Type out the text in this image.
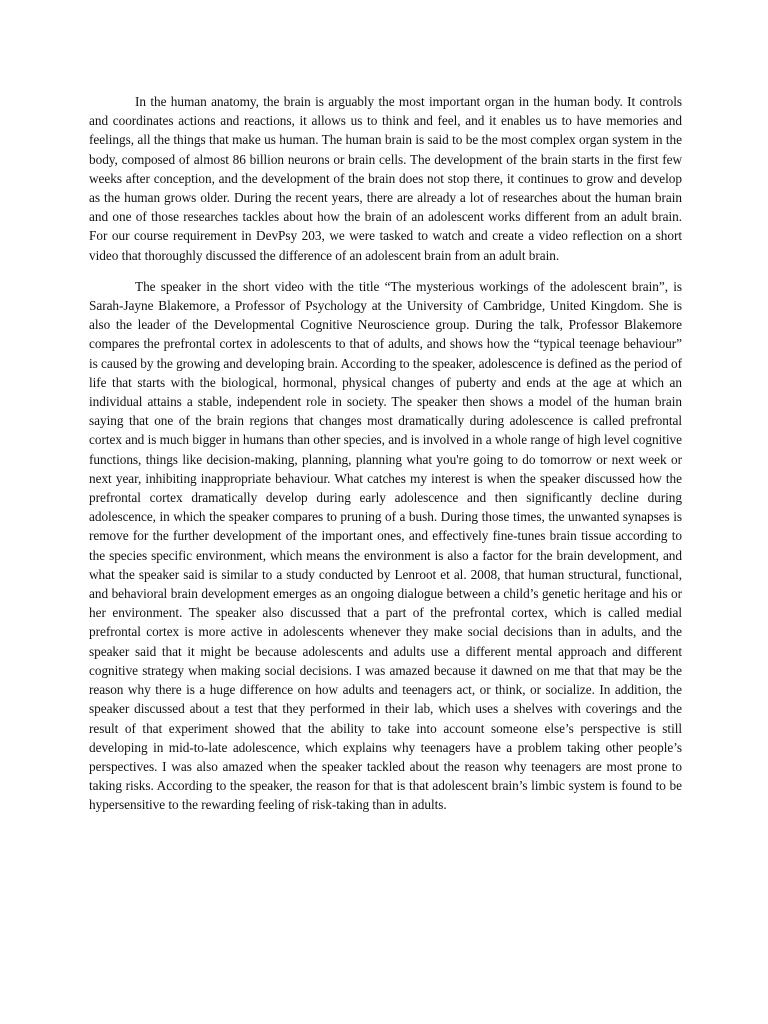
In the human anatomy, the brain is arguably the most important organ in the human body. It controls and coordinates actions and reactions, it allows us to think and feel, and it enables us to have memories and feelings, all the things that make us human. The human brain is said to be the most complex organ system in the body, composed of almost 86 billion neurons or brain cells. The development of the brain starts in the first few weeks after conception, and the development of the brain does not stop there, it continues to grow and develop as the human grows older. During the recent years, there are already a lot of researches about the human brain and one of those researches tackles about how the brain of an adolescent works different from an adult brain. For our course requirement in DevPsy 203, we were tasked to watch and create a video reflection on a short video that thoroughly discussed the difference of an adolescent brain from an adult brain.

The speaker in the short video with the title “The mysterious workings of the adolescent brain”, is Sarah-Jayne Blakemore, a Professor of Psychology at the University of Cambridge, United Kingdom. She is also the leader of the Developmental Cognitive Neuroscience group. During the talk, Professor Blakemore compares the prefrontal cortex in adolescents to that of adults, and shows how the “typical teenage behaviour” is caused by the growing and developing brain. According to the speaker, adolescence is defined as the period of life that starts with the biological, hormonal, physical changes of puberty and ends at the age at which an individual attains a stable, independent role in society. The speaker then shows a model of the human brain saying that one of the brain regions that changes most dramatically during adolescence is called prefrontal cortex and is much bigger in humans than other species, and is involved in a whole range of high level cognitive functions, things like decision-making, planning, planning what you're going to do tomorrow or next week or next year, inhibiting inappropriate behaviour. What catches my interest is when the speaker discussed how the prefrontal cortex dramatically develop during early adolescence and then significantly decline during adolescence, in which the speaker compares to pruning of a bush. During those times, the unwanted synapses is remove for the further development of the important ones, and effectively fine-tunes brain tissue according to the species specific environment, which means the environment is also a factor for the brain development, and what the speaker said is similar to a study conducted by Lenroot et al. 2008, that human structural, functional, and behavioral brain development emerges as an ongoing dialogue between a child’s genetic heritage and his or her environment. The speaker also discussed that a part of the prefrontal cortex, which is called medial prefrontal cortex is more active in adolescents whenever they make social decisions than in adults, and the speaker said that it might be because adolescents and adults use a different mental approach and different cognitive strategy when making social decisions. I was amazed because it dawned on me that that may be the reason why there is a huge difference on how adults and teenagers act, or think, or socialize. In addition, the speaker discussed about a test that they performed in their lab, which uses a shelves with coverings and the result of that experiment showed that the ability to take into account someone else’s perspective is still developing in mid-to-late adolescence, which explains why teenagers have a problem taking other people’s perspectives. I was also amazed when the speaker tackled about the reason why teenagers are most prone to taking risks. According to the speaker, the reason for that is that adolescent brain’s limbic system is found to be hypersensitive to the rewarding feeling of risk-taking than in adults.
